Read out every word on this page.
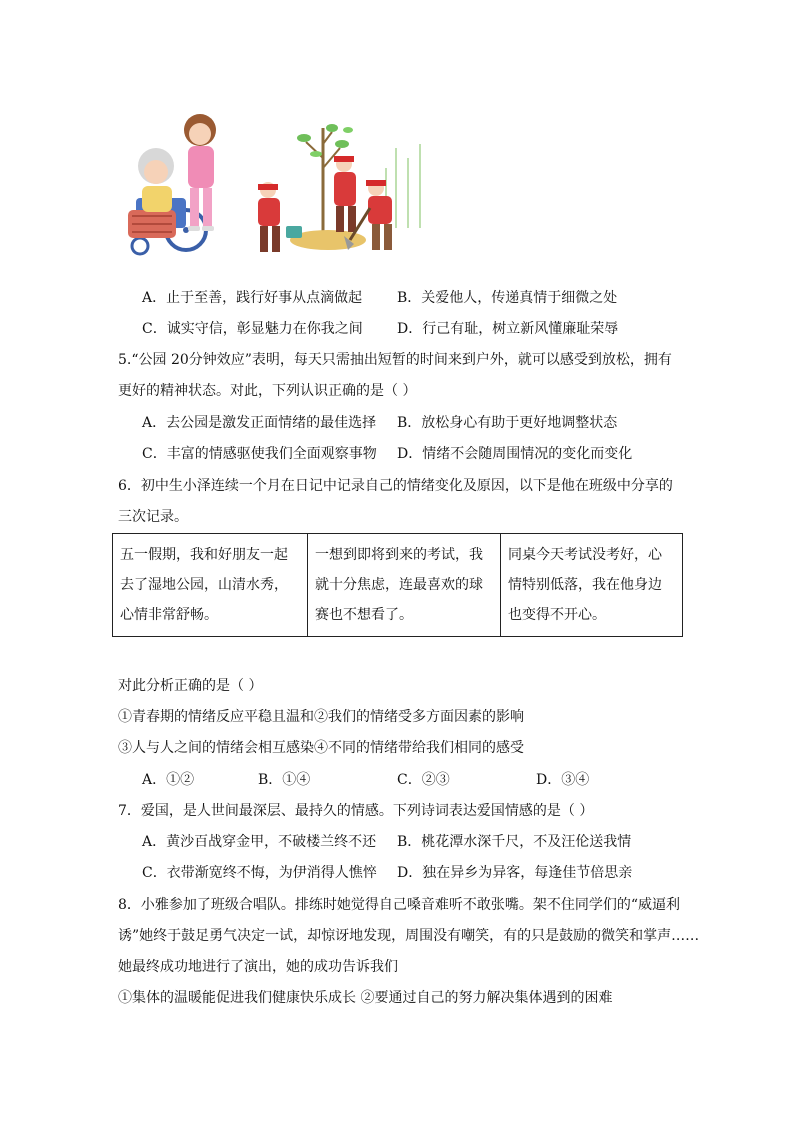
A．止于至善，践行好事从点滴做起 B．关爱他人，传递真情于细微之处
C．诚实守信，彰显魅力在你我之间 D．行己有耻，树立新风懂廉耻荣辱
5.“公园 20分钟效应”表明，每天只需抽出短暂的时间来到户外，就可以感受到放松，拥有
更好的精神状态。对此，下列认识正确的是（ ）
A．去公园是激发正面情绪的最佳选择 B．放松身心有助于更好地调整状态
C．丰富的情感驱使我们全面观察事物 D．情绪不会随周围情况的变化而变化
6．初中生小泽连续一个月在日记中记录自己的情绪变化及原因，以下是他在班级中分享的
三次记录。
五一假期，我和好朋友一起去了湿地公园，山清水秀，心情非常舒畅。	一想到即将到来的考试，我就十分焦虑，连最喜欢的球赛也不想看了。	同桌今天考试没考好，心情特别低落，我在他身边也变得不开心。
对此分析正确的是（ ）
①青春期的情绪反应平稳且温和②我们的情绪受多方面因素的影响
③人与人之间的情绪会相互感染④不同的情绪带给我们相同的感受
A．①②	B．①④	C．②③	D．③④
7．爱国，是人世间最深层、最持久的情感。下列诗词表达爱国情感的是（ ）
A．黄沙百战穿金甲，不破楼兰终不还 B．桃花潭水深千尺，不及汪伦送我情
C．衣带渐宽终不悔，为伊消得人憔悴 D．独在异乡为异客，每逢佳节倍思亲
8．小雅参加了班级合唱队。排练时她觉得自己嗓音难听不敢张嘴。架不住同学们的“威逼利
诱”她终于鼓足勇气决定一试，却惊讶地发现，周围没有嘲笑，有的只是鼓励的微笑和掌声……
她最终成功地进行了演出，她的成功告诉我们
①集体的温暖能促进我们健康快乐成长 ②要通过自己的努力解决集体遇到的困难
